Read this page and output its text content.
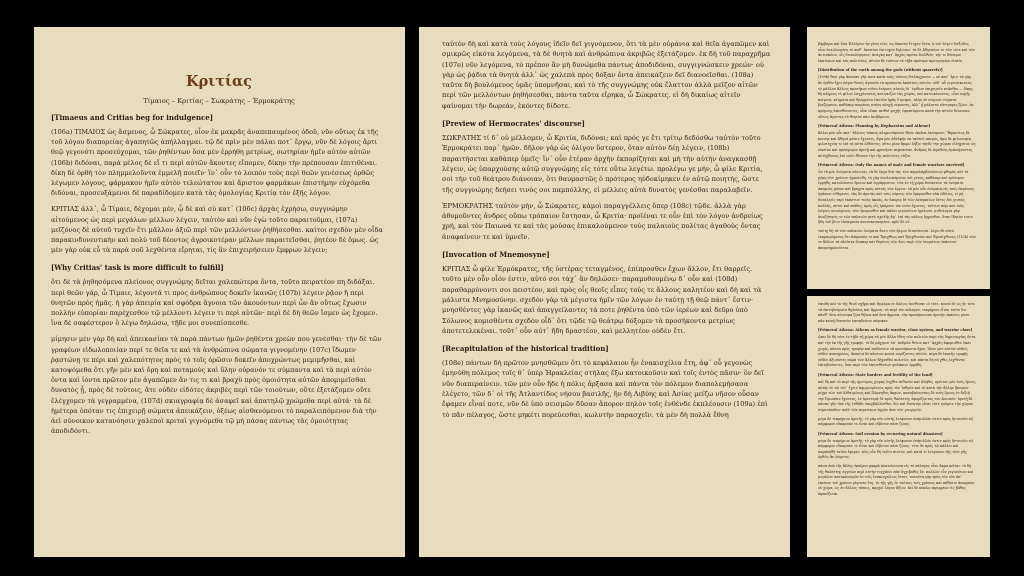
Κριτίας
Τίμαιος – Κριτίας – Σωκράτης – Ἑρμοκράτης
[Timaeus and Critias beg for indulgence]

(106a) ΤΙΜΑΙΟΣ ὡς ἄσμενος, ὦ Σώκρατες, οἷον ἐκ μακρᾶς ἀναπεπαυμένος ὁδοῦ, νῦν οὕτως ἐκ τῆς τοῦ λόγου διαπορείας ἀγαπητῶς ἀπήλλαγμαι. τῷ δὲ πρὶν μὲν πάλαι ποτ᾽ ἔργῳ, νῦν δὲ λόγοις ἄρτι θεῷ γεγονότι προσεύχομαι, τῶν ῥηθέντων ὅσα μὲν ἐρρήθη μετρίως, σωτηρίαν ἡμῖν αὐτὸν αὐτῶν (106b) διδόναι, παρὰ μέλος δὲ εἴ τι περὶ αὐτῶν ἄκοντες εἴπομεν, δίκην τὴν πρέπουσαν ἐπιτιθέναι. δίκη δὲ ὀρθὴ τὸν πλημμελοῦντα ἐμμελῆ ποιεῖν· ἵν᾽ οὖν τὸ λοιπὸν τοὺς περὶ θεῶν γενέσεως ὀρθῶς λέγωμεν λόγους, φάρμακον ἡμῖν αὐτὸν τελεώτατον καὶ ἄριστον φαρμάκων ἐπιστήμην εὐχόμεθα διδόναι, προσευξάμενοι δὲ παραδίδομεν κατὰ τὰς ὁμολογίας Κριτίᾳ τὸν ἑξῆς λόγον.

ΚΡΙΤΙΑΣ ἀλλ᾽, ὦ Τίμαιε, δέχομαι μέν, ᾧ δὲ καὶ σὺ κατ᾽ (106c) ἀρχὰς ἐχρήσω, συγγνώμην αἰτούμενος ὡς περὶ μεγάλων μέλλων λέγειν, ταὐτὸν καὶ νῦν ἐγὼ τοῦτο παραιτοῦμαι, (107a) μεῖζόνος δὲ αὐτοῦ τυχεῖν ἔτι μᾶλλον ἀξιῶ περὶ τῶν μελλόντων ῥηθήσεσθαι. καίτοι σχεδὸν μὲν οἶδα παρακινδυνευτικὴν καὶ πολὺ τοῦ δέοντος ἀγροικοτέραν μέλλων παραιτεῖσθαι, ῥητέον δὲ ὅμως. ὡς μὲν γὰρ οὐκ εὖ τὰ παρὰ σοῦ λεχθέντα εἴρηται, τίς ἂν ἐπιχειρήσειεν ἔμφρων λέγειν;

[Why Critias' task is more difficult to fulfill]

ὅτι δὲ τὰ ῥηθησόμενα πλείονος συγγνώμης δεῖται χαλεπώτερα ὄντα, τοῦτο πειρατέον πη διδάξαι. περὶ θεῶν γάρ, ὦ Τίμαιε, λέγοντά τι πρὸς ἀνθρώπους δοκεῖν ἱκανῶς (107b) λέγειν ῥᾷον ἢ περὶ θνητῶν πρὸς ἡμᾶς. ἡ γὰρ ἀπειρία καὶ σφόδρα ἄγνοια τῶν ἀκουόντων περὶ ὧν ἂν οὕτως ἔχωσιν πολλὴν εὐπορίαν παρέχεσθον τῷ μέλλοντι λέγειν τι περὶ αὐτῶν· περὶ δὲ δὴ θεῶν ἴσμεν ὡς ἔχομεν. ἵνα δὲ σαφέστερον ὃ λέγω δηλώσω, τῇδε μοι συνεπίσπεσθε.

μίμησιν μὲν γὰρ δὴ καὶ ἀπεικασίαν τὰ παρὰ πάντων ἡμῶν ῥηθέντα χρεὼν που γενέσθαι· τὴν δὲ τῶν γραφέων εἰδωλοποιίαν περί τε θεῖα τε καὶ τὰ ἀνθρώπινα σώματα γιγνομένην (107c) ἴδωμεν ῥᾳστώνῃ τε πέρι καὶ χαλεπότητος πρὸς τὸ τοῖς ὁρῶσιν δοκεῖν ἀποχρώντως μεμιμῆσθαι, καὶ κατοψόμεθα ὅτι γῆν μὲν καὶ ὄρη καὶ ποταμοὺς καὶ ὕλην οὐρανόν τε σύμπαντα καὶ τὰ περὶ αὐτὸν ὄντα καὶ ἰόντα πρῶτον μὲν ἀγαπῶμεν ἄν τις τι καὶ βραχὺ πρὸς ὁμοιότητα αὐτῶν ἀπομιμεῖσθαι δυνατὸς ᾖ, πρὸς δὲ τούτοις, ἅτε οὐδὲν εἰδότες ἀκριβὲς περὶ τῶν τοιούτων, οὔτε ἐξετάζομεν οὔτε ἐλέγχομεν τὰ γεγραμμένα, (107d) σκιαγραφίᾳ δὲ ἀσαφεῖ καὶ ἀπατηλῷ χρώμεθα περὶ αὐτά· τὰ δὲ ἡμέτερα ὁπόταν τις ἐπιχειρῇ σώματα ἀπεικάζειν, ὀξέως αἰσθανόμενοι τὸ παραλειπόμενον διὰ τὴν ἀεὶ σύνοικον κατανόησιν χαλεποὶ κριταὶ γιγνόμεθα τῷ μὴ πάσας πάντως τὰς ὁμοιότητας ἀποδιδόντι.

ταὐτὸν δὴ καὶ κατὰ τοὺς λόγους ἰδεῖν δεῖ γιγνόμενον, ὅτι τὰ μὲν οὐράνια καὶ θεῖα ἀγαπῶμεν καὶ σμικρῶς εἰκότα λεγόμενα, τὰ δὲ θνητὰ καὶ ἀνθρώπινα ἀκριβῶς ἐξετάζομεν. ἐκ δὴ τοῦ παραχρῆμα (107e) νῦν λεγόμενα, τὸ πρέπον ἂν μὴ δυνώμεθα πάντως ἀποδιδόναι, συγγιγνώσκειν χρεών· οὐ γὰρ ὡς ῥᾴδια τὰ θνητὰ ἀλλ᾽ ὡς χαλεπὰ πρὸς δόξαν ὄντα ἀπεικάζειν δεῖ διανοεῖσθαι. (108a) ταῦτα δὴ βουλόμενος ὑμᾶς ὑπομνῆσαι, καὶ τὸ τῆς συγγνώμης οὐκ ἔλαττον ἀλλὰ μεῖζον αἰτῶν περὶ τῶν μελλόντων ῥηθήσεσθαι, πάντα ταῦτα εἴρηκα, ὦ Σώκρατες. εἰ δὴ δικαίως αἰτεῖν φαίνομαι τὴν δωρεάν, ἑκόντες δίδοτε.

[Preview of Hermocrates' discourse]

ΣΩΚΡΑΤΗΣ τί δ᾽ οὐ μέλλομεν, ὦ Κριτία, διδόναι; καὶ πρός γε ἔτι τρίτῳ δεδόσθω ταὐτὸν τοῦτο Ἑρμοκράτει παρ᾽ ἡμῶν. δῆλον γὰρ ὡς ὀλίγον ὕστερον, ὅταν αὐτὸν δέῃ λέγειν, (108b) παραιτήσεται καθάπερ ὑμεῖς· ἵν᾽ οὖν ἑτέραν ἀρχὴν ἐκπορίζηται καὶ μὴ τὴν αὐτὴν ἀναγκασθῇ λέγειν, ὡς ὑπαρχούσης αὐτῷ συγγνώμης εἰς τότε οὕτω λεγέτω. προλέγω γε μήν, ὦ φίλε Κριτία, σοὶ τὴν τοῦ θεάτρου διάνοιαν, ὅτι θαυμαστῶς ὁ πρότερος ηὐδοκίμηκεν ἐν αὐτῷ ποιητής, ὥστε τῆς συγγνώμης δεήσει τινὸς σοι παμπόλλης, εἰ μέλλεις αὐτὰ δυνατὸς γενέσθαι παραλαβεῖν.

ἙΡΜΟΚΡΑΤΗΣ ταὐτὸν μήν, ὦ Σώκρατες, κἀμοὶ παραγγέλλεις ὅπερ (108c) τῷδε. ἀλλὰ γὰρ ἀθυμοῦντες ἄνδρες οὔπω τρόπαιον ἔστησαν, ὦ Κριτία· προϊέναι τε οὖν ἐπὶ τὸν λόγον ἀνδρείως χρή, καὶ τὸν Παιωνά τε καὶ τὰς μούσας ἐπικαλούμενον τοὺς παλαιοὺς πολίτας ἀγαθοὺς ὄντας ἀναφαίνειν τε καὶ ὑμνεῖν.

[Invocation of Mnemosyne]

ΚΡΙΤΙΑΣ ὦ φίλε Ἑρμόκρατες, τῆς ὑστέρας τεταγμένος, ἐπίπροσθεν ἔχων ἄλλον, ἔτι θαρρεῖς. τοῦτο μὲν οὖν οἷόν ἐστιν, αὐτό σοι τάχ᾽ ἂν δηλώσει· παραμυθουμένῳ δ᾽ οὖν καὶ (108d) παραθαρρύνοντι σοι πειστέον, καὶ πρὸς οἷς θεοῖς εἶπες τούς τε ἄλλους καλητέον καὶ δὴ καὶ τὰ μάλιστα Μνημοσύνην. σχεδὸν γὰρ τὰ μέγιστα ἡμῖν τῶν λόγων ἐν ταύτῃ τῇ θεῷ πάντ᾽ ἔστιν· μνησθέντες γὰρ ἱκανῶς καὶ ἀπαγγείλαντες τά ποτε ῥηθέντα ὑπὸ τῶν ἱερέων καὶ δεῦρο ὑπὸ Σόλωνος κομισθέντα σχεδὸν οἶδ᾽ ὅτι τῷδε τῷ θεάτρῳ δόξομεν τὰ προσήκοντα μετρίως ἀποτετελεκέναι. τοῦτ᾽ οὖν αὐτ᾽ ἤδη δραστέον, καὶ μελλητέον οὐδὲν ἔτι.

[Recapitulation of the historical tradition]

(108e) πάντων δὴ πρῶτον μνησθῶμεν ὅτι τὸ κεφάλαιον ἦν ἐνακισχίλια ἔτη, ἀφ᾽ οὗ γεγονὼς ἐμηνύθη πόλεμος τοῖς θ᾽ ὑπὲρ Ἡρακλείας στήλας ἔξω κατοικοῦσιν καὶ τοῖς ἐντὸς πᾶσιν· ὃν δεῖ νῦν διαπεραίνειν. τῶν μὲν οὖν ἥδε ἡ πόλις ἄρξασα καὶ πάντα τὸν πόλεμον διαπολεμήσασα ἐλέγετο, τῶν δ᾽ οἱ τῆς Ἀτλαντίδος νήσου βασιλῆς, ἣν δὴ Λιβύης καὶ Ἀσίας μείζω νῆσον οὖσαν ἔφαμεν εἶναί ποτε, νῦν δὲ ὑπὸ σεισμῶν δῦσαν ἄπορον πηλὸν τοῖς ἐνθένδε ἐκπλέουσιν (109a) ἐπὶ τὸ πᾶν πέλαγος, ὥστε μηκέτι πορεύεσθαι, κωλυτὴν παρασχεῖν. τὰ μὲν δὴ πολλὰ ἔθνη

βάρβαρα καὶ ὅσα Ἑλλήνων ἦν γένη τότε, ὡς ἕκαστα ἔτυχεν ὄντα, ἡ τοῦ λόγου διέξοδος οἷον ἀνειλουμένη τὸ καθ᾽ ἕκαστον ἐπιτυχὸν δηλώσει· τὰ δὲ Ἀθηναίων τε τῶν τότε καὶ τῶν ἀντιπάλων, οἷς διεπολέμησαν, ἀνάγκη κατ᾽ ἀρχὰς πρῶτα διελθεῖν, τήν τε δύναμιν ἑκατέρων καὶ τὰς πολιτείας. αὐτῶν δὲ τούτων τὰ τῇδε πρότερα προτιμητέον εἰπεῖν.

[Distribution of the earth among the gods (without quarrels)]

(109b) θεοὶ γὰρ ἅπασαν γῆν ποτε κατὰ τοὺς τόπους διελάγχανον — οὐ κατ᾽ ἔριν· οὐ γὰρ ἂν ὀρθὸν ἔχοι λόγον θεοὺς ἀγνοεῖν τὰ πρέποντα ἑκάστοις αὐτῶν, οὐδ᾽ αὖ γιγνώσκοντας τὸ μᾶλλον ἄλλοις προσῆκον τοῦτο ἑτέρους αὑτοῖς δι᾽ ἐρίδων ἐπιχειρεῖν κτᾶσθαι — δίκης δὴ κλήροις τὸ φίλον λαγχάνοντες κατῴκιζον τὰς χώρας, καὶ κατοικίσαντες, οἷον νομῆς ποίμνια, κτήματα καὶ θρέμματα ἑαυτῶν ἡμᾶς ἔτρεφον, πλὴν οὐ σώμασι σώματα βιαζόμενοι, καθάπερ ποιμένες κτήνη πληγῇ νέμοντες, ἀλλ᾽ ᾗ μάλιστα εὔστρεφες ζῷον, ἐκ πρύμνης ἀπευθύνοντες, οἷον οἴακι πειθοῖ ψυχῆς ἐφαπτόμενοι κατὰ τὴν αὑτῶν διάνοιαν, οὕτως ἄγοντες τὸ θνητὸν πᾶν ἐκυβέρνων.

[Primeval Athens: Planning by Hephaestus and Athene]

ἄλλοι μὲν οὖν κατ᾽ ἄλλους τόπους κληρωσάμενοι θεῶν ἐκεῖνα ἐκόσμουν, Ἥφαιστος δὲ κοινὴν καὶ Ἀθηνᾶ φύσιν ἔχοντες, ἅμα μὲν ἀδελφὴν ἐκ ταὐτοῦ πατρός, ἅμα δὲ φιλοσοφίᾳ φιλοτεχνίᾳ τε ἐπὶ τὰ αὐτὰ ἐλθόντες, οὕτω μίαν ἄμφω λῆξιν τήνδε τὴν χώραν εἰλήχατον ὡς οἰκείαν καὶ πρόσφορον ἀρετῇ καὶ φρονήσει πεφυκυῖαν, ἄνδρας δὲ ἀγαθοὺς ἐμποιήσαντες αὐτόχθονας ἐπὶ νοῦν ἔθεσαν τὴν τῆς πολιτείας τάξιν.

[Primeval Athens: Only the names of male and female warriors survived]

ὧν τὰ μὲν ὀνόματα σέσωται, τὰ δὲ ἔργα διὰ τὰς τῶν παραλαμβανόντων φθορὰς καὶ τὰ μήκη τῶν χρόνων ἠφανίσθη. τὸ γὰρ ὑπολειπόμενον ἀεὶ γένος, καθάπερ καὶ πρότερον ἐρρήθη, κατελείπετο ὄρειον καὶ ἀγράμματον, τῶν ἐν τῇ χώρᾳ δυναστῶν τὰ ὀνόματα ἀκηκοὸς μόνον καὶ βραχέα πρὸς αὐτοῖς τῶν ἔργων. τὰ μὲν οὖν ὀνόματα εἰς τοὺς ἐκγόνους ἠγάπων τιθέμενοι, τὰς δὲ ἀρετὰς καὶ τοὺς νόμους τῶν ἔμπροσθεν οὐκ εἰδότες, εἰ μὴ δυσκλεεῖς περὶ ἑκάστων τινὰς ἀκοάς, ἐν ἀπορίᾳ δὲ τῶν ἀναγκαίων ὄντες ἐπὶ γενεὰς πολλάς, αὐτοὶ καὶ παῖδες, πρὸς οἷς ἠπόρουν τὸν νοῦν ἔχοντες, τούτων πέρι καὶ τοὺς λόγους ποιούμενοι, τῶν ἔμπροσθεν καὶ πάλαι γεγονότων ἠμέλουν. μυθολογία γὰρ ἀναζήτησίς τε τῶν παλαιῶν μετὰ σχολῆς ἅμ᾽ ἐπὶ τὰς πόλεις ἔρχεσθον, ὅταν ἴδητόν τισιν ἤδη τοῦ βίου τἀναγκαῖα κατεσκευασμένα, πρὶν δὲ οὔ.

ταύτῃ δὴ τὰ τῶν παλαιῶν ὀνόματα ἄνευ τῶν ἔργων διασέσωται. λέγω δὲ αὐτὸ τεκμαιρόμενος ὅτι Κέκροπός τε καὶ Ἐρεχθέως καὶ Ἐριχθονίου καὶ Ἐρυσίχθονος (110b) τῶν τε ἄλλων τὰ πλεῖστα ὅσαπερ καὶ Θησέως τῶν ἄνω περὶ τῶν ὀνομάτων ἑκάστων ἀπομνημονεύεται.

ἐπειδὴ καὶ τὸ τῆς θεοῦ σχῆμα καὶ ἄγαλμα ἐν ὅπλοις ἀνέθεσαν οἱ τότε, κοινὰ δὲ ὡς ἦν τότε τὰ ἐπιτηδεύματα θηλείαις καὶ ἄρρεσι, τὰ περὶ τὸν πόλεμον, τεκμήριον εἶναι τοῦτο ὅτι πάνθ᾽ ὅσα σύννομα ζῷα θήλεα καὶ ὅσα ἄρρενα, τὴν προσήκουσαν ἀρετὴν ἑκάστῳ γένει πᾶν κοινῇ δυνατὸν ἐπιτηδεύειν πέφυκεν.

[Primeval Athens: Athens as female warrior, class system, and warrior class]

ᾤκει δὲ δὴ τότε ἐν τῇδε τῇ χώρᾳ τὰ μὲν ἄλλα ἔθνη τῶν πολιτῶν περὶ τὰς δημιουργίας ὄντα καὶ τὴν ἐκ τῆς γῆς τροφήν, τὸ δὲ μάχιμον ὑπ᾽ ἀνδρῶν θείων κατ᾽ ἀρχὰς ἀφορισθὲν ᾤκει χωρίς, πάντα πρὸς τροφὴν καὶ παίδευσιν τὰ προσήκοντα ἔχον, ἴδιον μὲν αὐτῶν οὐδεὶς οὐδὲν κεκτημένος, ἅπαντα δὲ πάντων κοινὰ νομίζοντες αὑτῶν, πέρα δὲ ἱκανῆς τροφῆς οὐδὲν ἀξιοῦντες παρὰ τῶν ἄλλων δέχεσθαι πολιτῶν, καὶ πάντα δὴ τὰ χθὲς λεχθέντα ἐπιτηδεύοντες, ὅσα περὶ τῶν ὑποτεθέντων φυλάκων ἐρρήθη.

[Primeval Athens: State borders and fertility of the land]

καὶ δὴ καὶ τὸ περὶ τῆς ἡμετέρας χώρας λεχθὲν πιθανὸν καὶ ἀληθὲς, πρῶτον μὲν τοὺς ὅρους αὐτὴν ἐν τῷ τότ᾽ ἔχειν ἀφωρισμένους πρὸς τὸν Ἰσθμὸν καὶ τὸ κατὰ τὴν ἄλλην ἤπειρον μέχρι τῶν τοῦ Κιθαιρῶνος καὶ Πάρνηθος ἄκρων, καταβαίνοντας δὲ τοὺς ὅρους ἐν δεξιᾷ τὴν Ὠρωπίαν ἔχοντας, ἐν ἀριστερᾷ δὲ πρὸς θαλάττης ἀφορίζοντας τὸν Ἀσωπόν· ἀρετῇ δὲ πᾶσαν γῆν ὑπὸ τῆς ἐνθάδε ὑπερβάλλεσθαι, διὸ καὶ δυνατὴν εἶναι τότε τρέφειν τὴν χώραν στρατόπεδον πολὺ τῶν περιοίκων ἀργὸν ἀπὸ τῶν γεωργιῶν.

μέγα δὲ τεκμήριον ἀρετῆς· τὸ γὰρ νῦν αὐτῆς λείψανον ἐνάμιλλόν ἐστιν πρὸς ἥντινοῦν τῷ πάμφορον εὔκαρπόν τε εἶναι καὶ εὔβοτον πᾶσι ζῴοις.

[Primeval Athens: Soil erosion by recurring natural disasters]

μέγα δὲ τεκμήριον ἀρετῆς· τὸ γὰρ νῦν αὐτῆς λείψανον ἐνάμιλλόν ἐστιν πρὸς ἥντινοῦν τῷ πάμφορον εὔκαρπόν τε εἶναι καὶ εὔβοτον πᾶσι ζῴοις· τότε δὲ πρὸς τῷ κάλλει καὶ παμπληθῆ ταῦτα ἔφερεν. πῶς οὖν δὴ τοῦτο πιστόν, καὶ κατὰ τί λείψανον τῆς τότε γῆς ὀρθῶς ἂν λέγοιτο;

πᾶσα ἀπὸ τῆς ἄλλης ἠπείρου μακρὰ ἀνατείνουσα εἰς τὸ πέλαγος οἷον ἄκρα κεῖται· τὸ δὴ τῆς θαλάττης ἀγγεῖον περὶ αὐτὴν τυγχάνει πᾶν ἀγχιβαθὲς ὄν. πολλῶν οὖν γεγονότων καὶ μεγάλων κατακλυσμῶν ἐν τοῖς ἐνακισχιλίοις ἔτεσι, τοσαῦτα γὰρ πρὸς τὸν νῦν ἀπ᾽ ἐκείνου τοῦ χρόνου γέγονεν ἔτη, τὸ τῆς γῆς ἐν τούτοις τοῖς χρόνοις καὶ πάθεσιν ἀπορρέον οὐ χῶμα, ὡς ἐν ἄλλοις τόποις, προχοῖ λόγου ἄξιον, ἀεὶ δὲ κύκλῳ περιρρέον εἰς βάθος ἀφανίζεται.
